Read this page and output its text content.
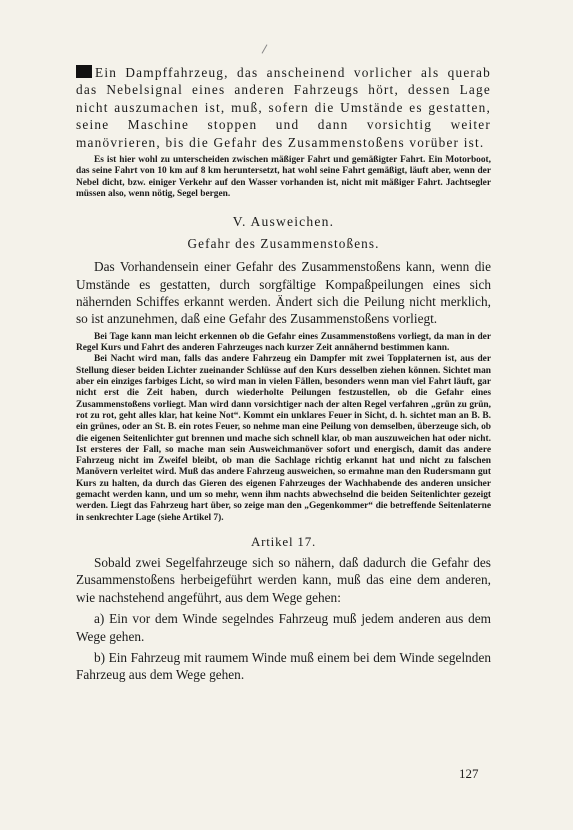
Ein Dampffahrzeug, das anscheinend vorlicher als querab das Nebelsignal eines anderen Fahrzeugs hört, dessen Lage nicht auszumachen ist, muß, sofern die Umstände es gestatten, seine Maschine stoppen und dann vorsichtig weiter manövrieren, bis die Gefahr des Zusammenstoßens vorüber ist.

Es ist hier wohl zu unterscheiden zwischen mäßiger Fahrt und gemäßigter Fahrt. Ein Motorboot, das seine Fahrt von 10 km auf 8 km heruntersetzt, hat wohl seine Fahrt gemäßigt, läuft aber, wenn der Nebel dicht, bzw. einiger Verkehr auf den Wasser vorhanden ist, nicht mit mäßiger Fahrt. Jachtsegler müssen also, wenn nötig, Segel bergen.

V. Ausweichen.

Gefahr des Zusammenstoßens.

Das Vorhandensein einer Gefahr des Zusammenstoßens kann, wenn die Umstände es gestatten, durch sorgfältige Kompaßpeilungen eines sich nähernden Schiffes erkannt werden. Ändert sich die Peilung nicht merklich, so ist anzunehmen, daß eine Gefahr des Zusammenstoßens vorliegt.

Bei Tage kann man leicht erkennen ob die Gefahr eines Zusammenstoßens vorliegt, da man in der Regel Kurs und Fahrt des anderen Fahrzeuges nach kurzer Zeit annähernd bestimmen kann.

Bei Nacht wird man, falls das andere Fahrzeug ein Dampfer mit zwei Topplaternen ist, aus der Stellung dieser beiden Lichter zueinander Schlüsse auf den Kurs desselben ziehen können. Sichtet man aber ein einziges farbiges Licht, so wird man in vielen Fällen, besonders wenn man viel Fahrt läuft, gar nicht erst die Zeit haben, durch wiederholte Peilungen festzustellen, ob die Gefahr eines Zusammenstoßens vorliegt. Man wird dann vorsichtiger nach der alten Regel verfahren „grün zu grün, rot zu rot, geht alles klar, hat keine Not“. Kommt ein unklares Feuer in Sicht, d. h. sichtet man an B. B. ein grünes, oder an St. B. ein rotes Feuer, so nehme man eine Peilung von demselben, überzeuge sich, ob die eigenen Seitenlichter gut brennen und mache sich schnell klar, ob man auszuweichen hat oder nicht. Ist ersteres der Fall, so mache man sein Ausweichmanöver sofort und energisch, damit das andere Fahrzeug nicht im Zweifel bleibt, ob man die Sachlage richtig erkannt hat und nicht zu falschen Manövern verleitet wird. Muß das andere Fahrzeug ausweichen, so ermahne man den Rudersmann gut Kurs zu halten, da durch das Gieren des eigenen Fahrzeuges der Wachhabende des anderen unsicher gemacht werden kann, und um so mehr, wenn ihm nachts abwechselnd die beiden Seitenlichter gezeigt werden. Liegt das Fahrzeug hart über, so zeige man den „Gegenkommer“ die betreffende Seitenlaterne in senkrechter Lage (siehe Artikel 7).

Artikel 17.

Sobald zwei Segelfahrzeuge sich so nähern, daß dadurch die Gefahr des Zusammenstoßens herbeigeführt werden kann, muß das eine dem anderen, wie nachstehend angeführt, aus dem Wege gehen:

a) Ein vor dem Winde segelndes Fahrzeug muß jedem anderen aus dem Wege gehen.

b) Ein Fahrzeug mit raumem Winde muß einem bei dem Winde segelnden Fahrzeug aus dem Wege gehen.

127
